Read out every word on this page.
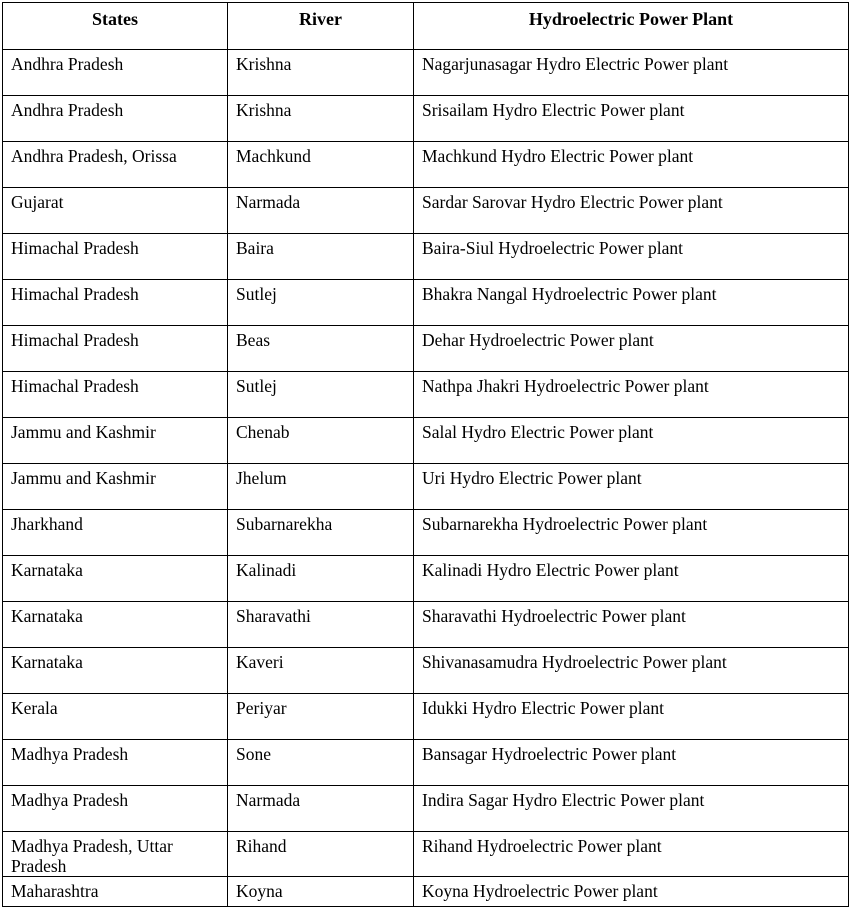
States	River	Hydroelectric Power Plant
Andhra Pradesh	Krishna	Nagarjunasagar Hydro Electric Power plant
Andhra Pradesh	Krishna	Srisailam Hydro Electric Power plant
Andhra Pradesh, Orissa	Machkund	Machkund Hydro Electric Power plant
Gujarat	Narmada	Sardar Sarovar Hydro Electric Power plant
Himachal Pradesh	Baira	Baira-Siul Hydroelectric Power plant
Himachal Pradesh	Sutlej	Bhakra Nangal Hydroelectric Power plant
Himachal Pradesh	Beas	Dehar Hydroelectric Power plant
Himachal Pradesh	Sutlej	Nathpa Jhakri Hydroelectric Power plant
Jammu and Kashmir	Chenab	Salal Hydro Electric Power plant
Jammu and Kashmir	Jhelum	Uri Hydro Electric Power plant
Jharkhand	Subarnarekha	Subarnarekha Hydroelectric Power plant
Karnataka	Kalinadi	Kalinadi Hydro Electric Power plant
Karnataka	Sharavathi	Sharavathi Hydroelectric Power plant
Karnataka	Kaveri	Shivanasamudra Hydroelectric Power plant
Kerala	Periyar	Idukki Hydro Electric Power plant
Madhya Pradesh	Sone	Bansagar Hydroelectric Power plant
Madhya Pradesh	Narmada	Indira Sagar Hydro Electric Power plant
Madhya Pradesh, Uttar Pradesh	Rihand	Rihand Hydroelectric Power plant
Maharashtra	Koyna	Koyna Hydroelectric Power plant
